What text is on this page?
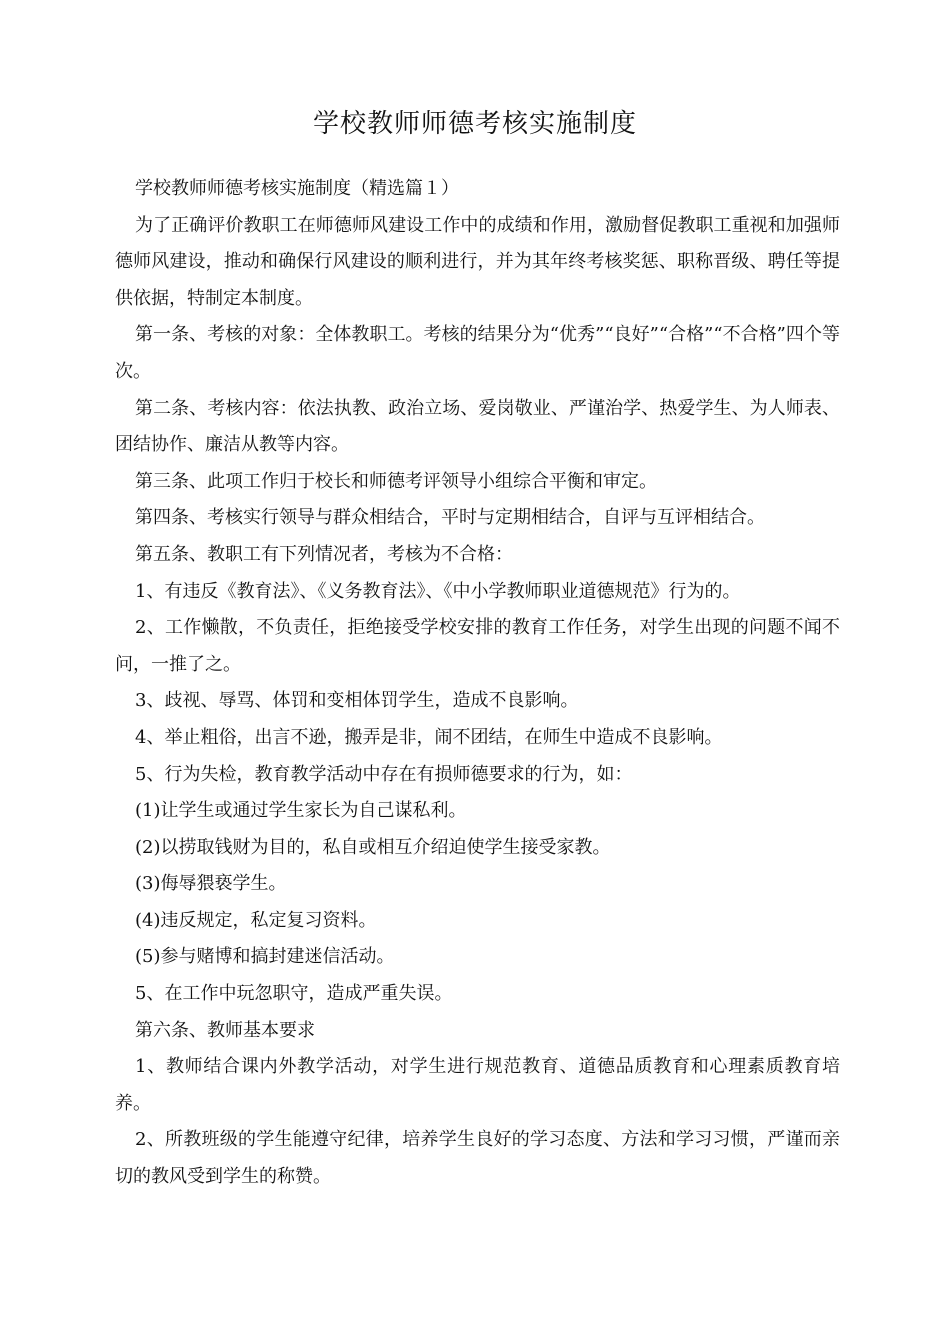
学校教师师德考核实施制度

学校教师师德考核实施制度（精选篇１）

为了正确评价教职工在师德师风建设工作中的成绩和作用，激励督促教职工重视和加强师德师风建设，推动和确保行风建设的顺利进行，并为其年终考核奖惩、职称晋级、聘任等提供依据，特制定本制度。

第一条、考核的对象：全体教职工。考核的结果分为“优秀”“良好”“合格”“不合格”四个等次。

第二条、考核内容：依法执教、政治立场、爱岗敬业、严谨治学、热爱学生、为人师表、团结协作、廉洁从教等内容。

第三条、此项工作归于校长和师德考评领导小组综合平衡和审定。

第四条、考核实行领导与群众相结合，平时与定期相结合，自评与互评相结合。

第五条、教职工有下列情况者，考核为不合格：

1、有违反《教育法》、《义务教育法》、《中小学教师职业道德规范》行为的。

2、工作懒散，不负责任，拒绝接受学校安排的教育工作任务，对学生出现的问题不闻不问，一推了之。

3、歧视、辱骂、体罚和变相体罚学生，造成不良影响。

4、举止粗俗，出言不逊，搬弄是非，闹不团结，在师生中造成不良影响。

5、行为失检，教育教学活动中存在有损师德要求的行为，如：

(1)让学生或通过学生家长为自己谋私利。

(2)以捞取钱财为目的，私自或相互介绍迫使学生接受家教。

(3)侮辱猥亵学生。

(4)违反规定，私定复习资料。

(5)参与赌博和搞封建迷信活动。

5、在工作中玩忽职守，造成严重失误。

第六条、教师基本要求

1、教师结合课内外教学活动，对学生进行规范教育、道德品质教育和心理素质教育培养。

2、所教班级的学生能遵守纪律，培养学生良好的学习态度、方法和学习习惯，严谨而亲切的教风受到学生的称赞。
